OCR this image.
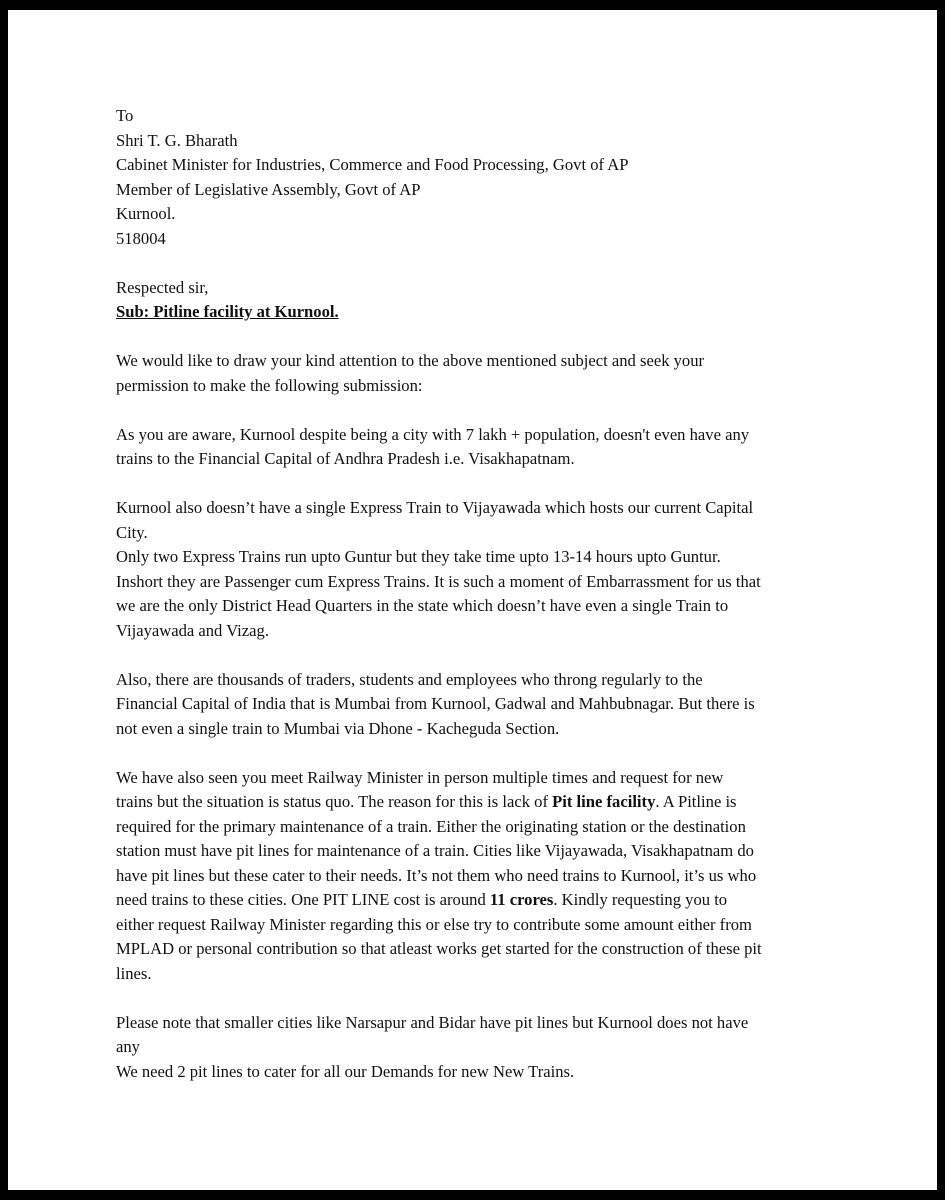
To
Shri T. G. Bharath
Cabinet Minister for Industries, Commerce and Food Processing, Govt of AP
Member of Legislative Assembly, Govt of AP
Kurnool.
518004
Respected sir,
Sub: Pitline facility at Kurnool.
We would like to draw your kind attention to the above mentioned subject and seek your
permission to make the following submission:
As you are aware, Kurnool despite being a city with 7 lakh + population, doesn't even have any
trains to the Financial Capital of Andhra Pradesh i.e. Visakhapatnam.
Kurnool also doesn’t have a single Express Train to Vijayawada which hosts our current Capital
City.
Only two Express Trains run upto Guntur but they take time upto 13-14 hours upto Guntur.
Inshort they are Passenger cum Express Trains. It is such a moment of Embarrassment for us that
we are the only District Head Quarters in the state which doesn’t have even a single Train to
Vijayawada and Vizag.
Also, there are thousands of traders, students and employees who throng regularly to the
Financial Capital of India that is Mumbai from Kurnool, Gadwal and Mahbubnagar. But there is
not even a single train to Mumbai via Dhone - Kacheguda Section.
We have also seen you meet Railway Minister in person multiple times and request for new
trains but the situation is status quo. The reason for this is lack of Pit line facility. A Pitline is
required for the primary maintenance of a train. Either the originating station or the destination
station must have pit lines for maintenance of a train. Cities like Vijayawada, Visakhapatnam do
have pit lines but these cater to their needs. It’s not them who need trains to Kurnool, it’s us who
need trains to these cities. One PIT LINE cost is around 11 crores. Kindly requesting you to
either request Railway Minister regarding this or else try to contribute some amount either from
MPLAD or personal contribution so that atleast works get started for the construction of these pit
lines.
Please note that smaller cities like Narsapur and Bidar have pit lines but Kurnool does not have
any
We need 2 pit lines to cater for all our Demands for new New Trains.
